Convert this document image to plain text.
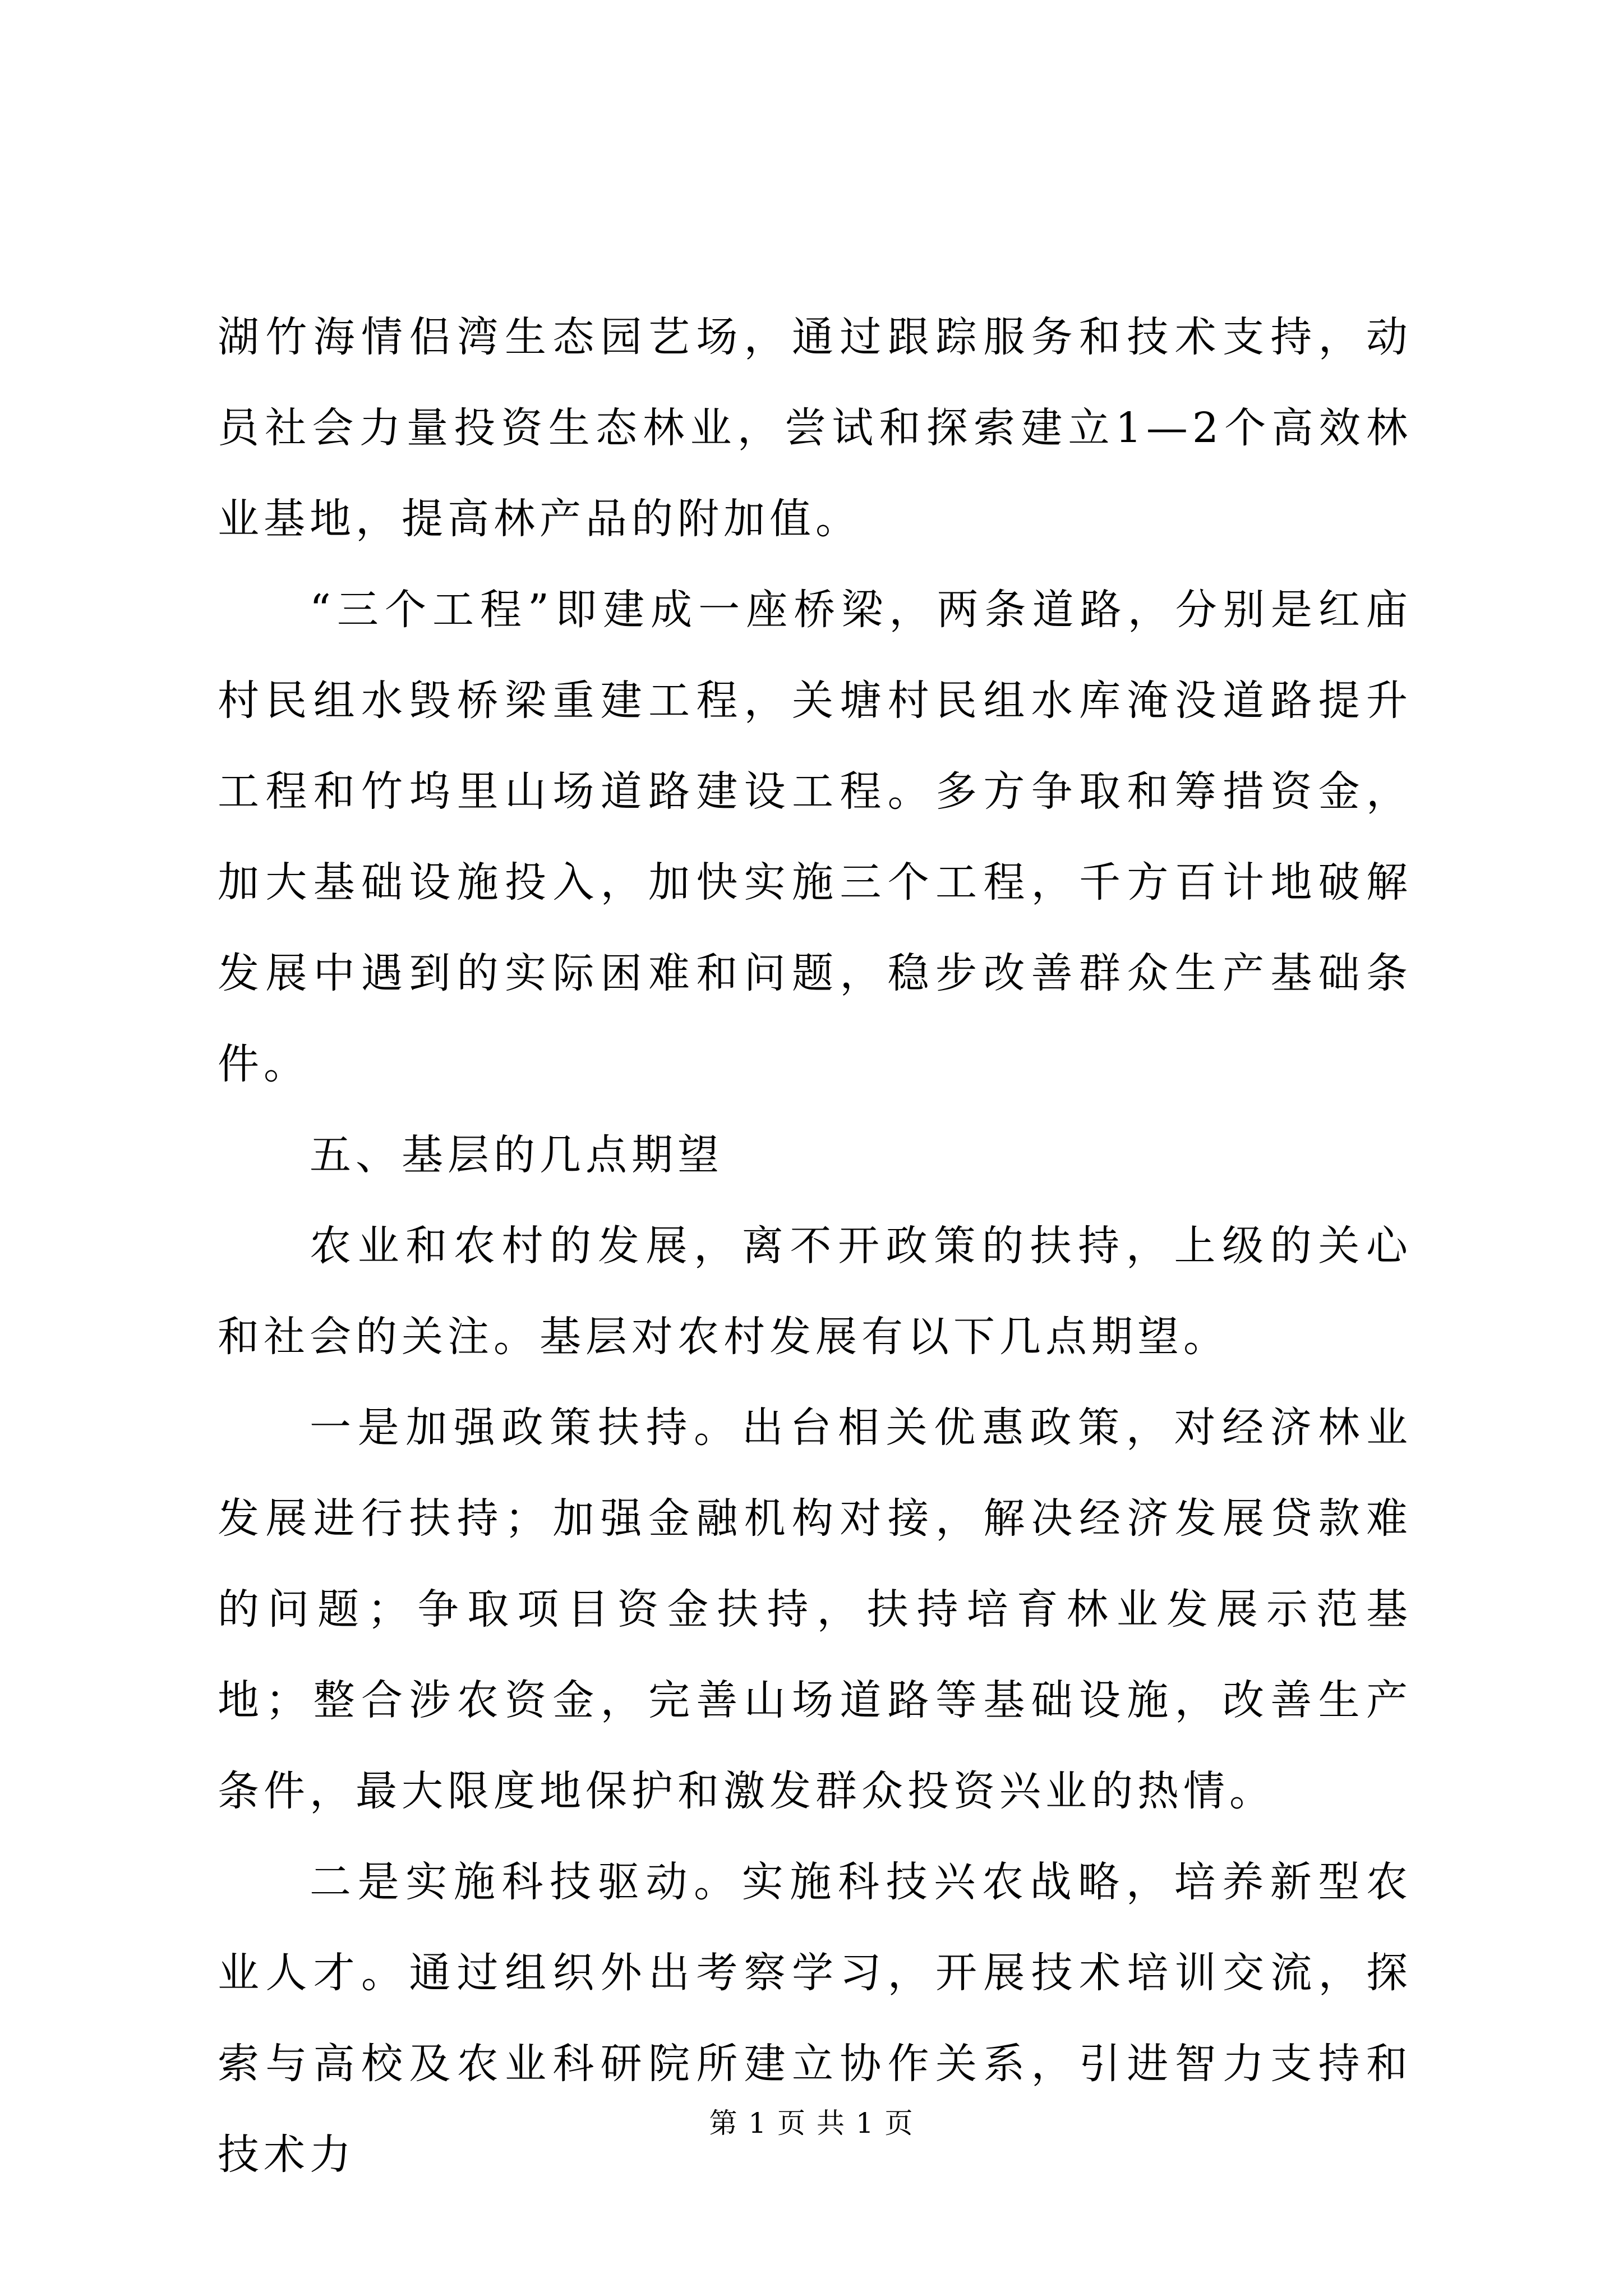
湖竹海情侣湾生态园艺场，通过跟踪服务和技术支持，动员社会力量投资生态林业，尝试和探索建立1—2个高效林业基地，提高林产品的附加值。

“三个工程”即建成一座桥梁，两条道路，分别是红庙村民组水毁桥梁重建工程，关塘村民组水库淹没道路提升工程和竹坞里山场道路建设工程。多方争取和筹措资金，加大基础设施投入，加快实施三个工程，千方百计地破解发展中遇到的实际困难和问题，稳步改善群众生产基础条件。

五、基层的几点期望

农业和农村的发展，离不开政策的扶持，上级的关心和社会的关注。基层对农村发展有以下几点期望。

一是加强政策扶持。出台相关优惠政策，对经济林业发展进行扶持；加强金融机构对接，解决经济发展贷款难的问题；争取项目资金扶持，扶持培育林业发展示范基地；整合涉农资金，完善山场道路等基础设施，改善生产条件，最大限度地保护和激发群众投资兴业的热情。

二是实施科技驱动。实施科技兴农战略，培养新型农业人才。通过组织外出考察学习，开展技术培训交流，探索与高校及农业科研院所建立协作关系，引进智力支持和技术力

第 1 页 共 1 页
